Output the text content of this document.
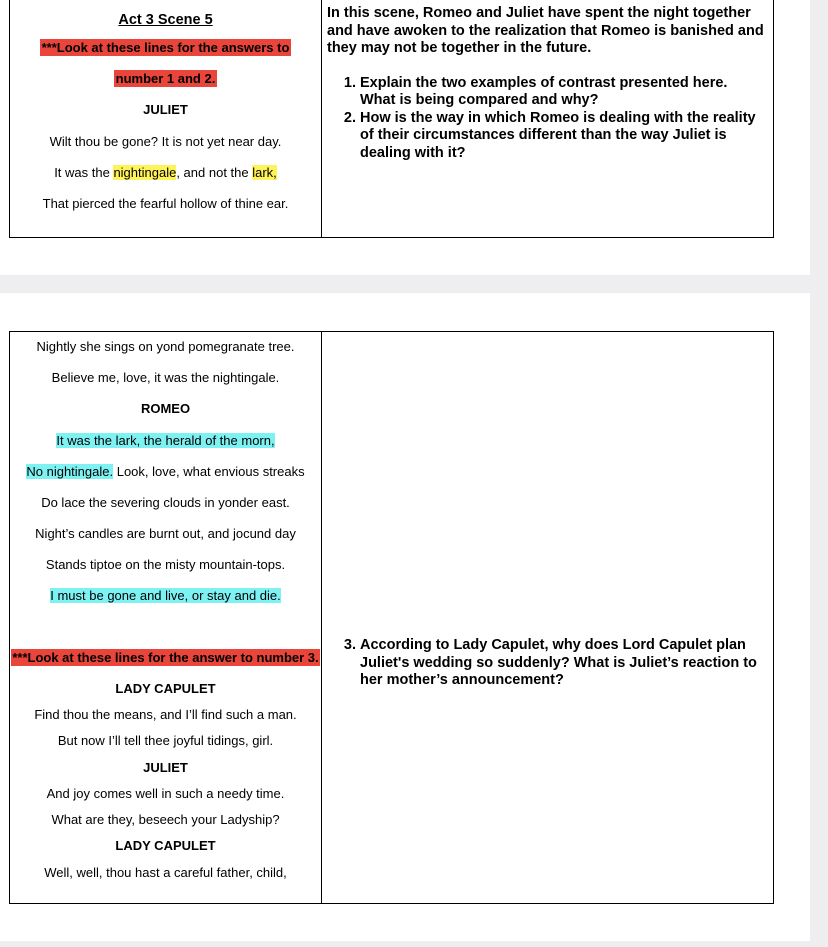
Act 3 Scene 5
***Look at these lines for the answers to
number 1 and 2.
JULIET
Wilt thou be gone? It is not yet near day.
It was the nightingale, and not the lark,
That pierced the fearful hollow of thine ear.

In this scene, Romeo and Juliet have spent the night together and have awoken to the realization that Romeo is banished and they may not be together in the future.
1. Explain the two examples of contrast presented here. What is being compared and why?
2. How is the way in which Romeo is dealing with the reality of their circumstances different than the way Juliet is dealing with it?
Nightly she sings on yond pomegranate tree.
Believe me, love, it was the nightingale.
ROMEO
It was the lark, the herald of the morn,
No nightingale. Look, love, what envious streaks
Do lace the severing clouds in yonder east.
Night’s candles are burnt out, and jocund day
Stands tiptoe on the misty mountain-tops.
I must be gone and live, or stay and die.
***Look at these lines for the answer to number 3.
LADY CAPULET
Find thou the means, and I’ll find such a man.
But now I’ll tell thee joyful tidings, girl.
JULIET
And joy comes well in such a needy time.
What are they, beseech your Ladyship?
LADY CAPULET
Well, well, thou hast a careful father, child,

3. According to Lady Capulet, why does Lord Capulet plan Juliet's wedding so suddenly? What is Juliet’s reaction to her mother’s announcement?
